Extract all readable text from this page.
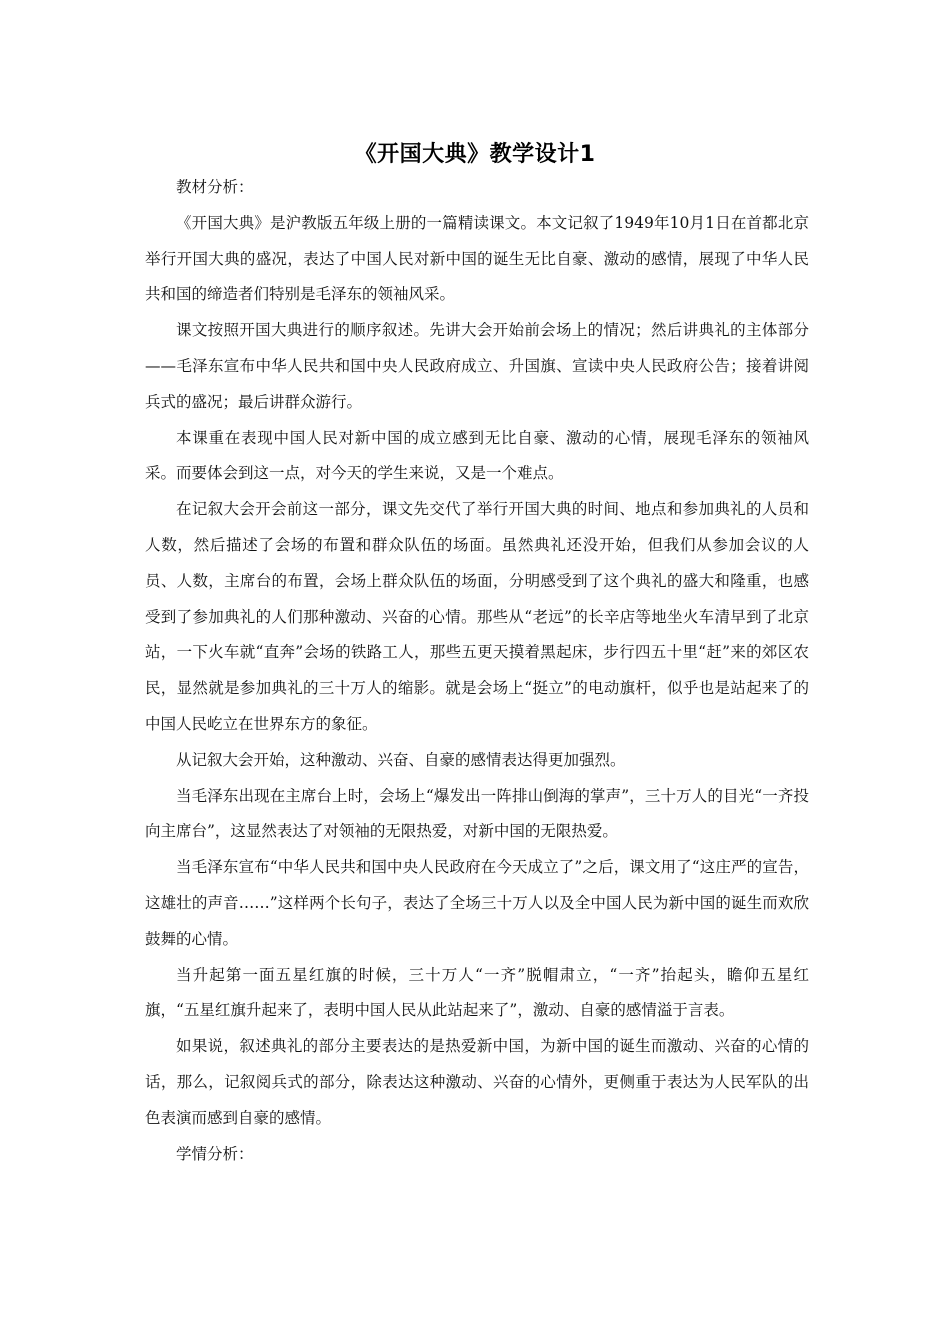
《开国大典》教学设计1

教材分析：

《开国大典》是沪教版五年级上册的一篇精读课文。本文记叙了1949年10月1日在首都北京举行开国大典的盛况，表达了中国人民对新中国的诞生无比自豪、激动的感情，展现了中华人民共和国的缔造者们特别是毛泽东的领袖风采。

课文按照开国大典进行的顺序叙述。先讲大会开始前会场上的情况；然后讲典礼的主体部分——毛泽东宣布中华人民共和国中央人民政府成立、升国旗、宣读中央人民政府公告；接着讲阅兵式的盛况；最后讲群众游行。

本课重在表现中国人民对新中国的成立感到无比自豪、激动的心情，展现毛泽东的领袖风采。而要体会到这一点，对今天的学生来说，又是一个难点。

在记叙大会开会前这一部分，课文先交代了举行开国大典的时间、地点和参加典礼的人员和人数，然后描述了会场的布置和群众队伍的场面。虽然典礼还没开始，但我们从参加会议的人员、人数，主席台的布置，会场上群众队伍的场面，分明感受到了这个典礼的盛大和隆重，也感受到了参加典礼的人们那种激动、兴奋的心情。那些从“老远”的长辛店等地坐火车清早到了北京站，一下火车就“直奔”会场的铁路工人，那些五更天摸着黑起床，步行四五十里“赶”来的郊区农民，显然就是参加典礼的三十万人的缩影。就是会场上“挺立”的电动旗杆，似乎也是站起来了的中国人民屹立在世界东方的象征。

从记叙大会开始，这种激动、兴奋、自豪的感情表达得更加强烈。

当毛泽东出现在主席台上时，会场上“爆发出一阵排山倒海的掌声”，三十万人的目光“一齐投向主席台”，这显然表达了对领袖的无限热爱，对新中国的无限热爱。

当毛泽东宣布“中华人民共和国中央人民政府在今天成立了”之后，课文用了“这庄严的宣告，这雄壮的声音……”这样两个长句子，表达了全场三十万人以及全中国人民为新中国的诞生而欢欣鼓舞的心情。

当升起第一面五星红旗的时候，三十万人“一齐”脱帽肃立，“一齐”抬起头，瞻仰五星红旗，“五星红旗升起来了，表明中国人民从此站起来了”，激动、自豪的感情溢于言表。

如果说，叙述典礼的部分主要表达的是热爱新中国，为新中国的诞生而激动、兴奋的心情的话，那么，记叙阅兵式的部分，除表达这种激动、兴奋的心情外，更侧重于表达为人民军队的出色表演而感到自豪的感情。

学情分析：
